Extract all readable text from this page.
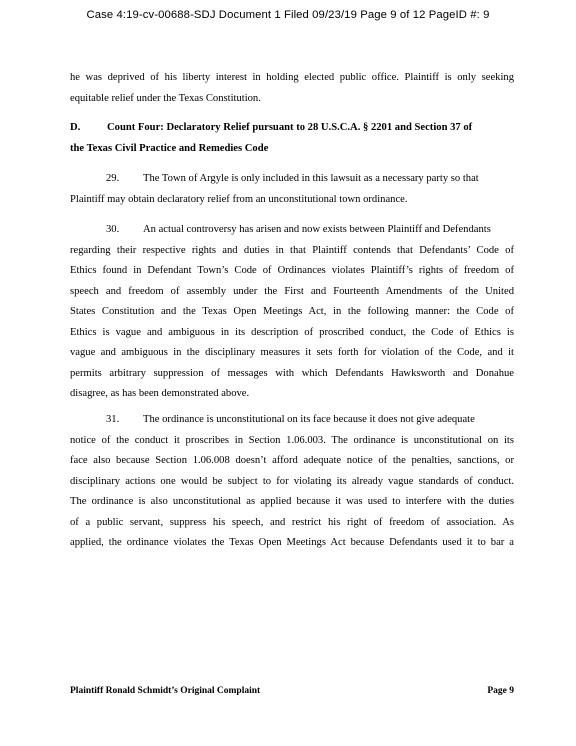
Case 4:19-cv-00688-SDJ Document 1 Filed 09/23/19 Page 9 of 12 PageID #: 9
he was deprived of his liberty interest in holding elected public office. Plaintiff is only seeking
equitable relief under the Texas Constitution.
D.	Count Four: Declaratory Relief pursuant to 28 U.S.C.A. § 2201 and Section 37 of
the Texas Civil Practice and Remedies Code
29. The Town of Argyle is only included in this lawsuit as a necessary party so that
Plaintiff may obtain declaratory relief from an unconstitutional town ordinance.
30. An actual controversy has arisen and now exists between Plaintiff and Defendants
regarding their respective rights and duties in that Plaintiff contends that Defendants’ Code of
Ethics found in Defendant Town’s Code of Ordinances violates Plaintiff’s rights of freedom of
speech and freedom of assembly under the First and Fourteenth Amendments of the United
States Constitution and the Texas Open Meetings Act, in the following manner: the Code of
Ethics is vague and ambiguous in its description of proscribed conduct, the Code of Ethics is
vague and ambiguous in the disciplinary measures it sets forth for violation of the Code, and it
permits arbitrary suppression of messages with which Defendants Hawksworth and Donahue
disagree, as has been demonstrated above.
31. The ordinance is unconstitutional on its face because it does not give adequate
notice of the conduct it proscribes in Section 1.06.003. The ordinance is unconstitutional on its
face also because Section 1.06.008 doesn’t afford adequate notice of the penalties, sanctions, or
disciplinary actions one would be subject to for violating its already vague standards of conduct.
The ordinance is also unconstitutional as applied because it was used to interfere with the duties
of a public servant, suppress his speech, and restrict his right of freedom of association. As
applied, the ordinance violates the Texas Open Meetings Act because Defendants used it to bar a
Plaintiff Ronald Schmidt’s Original Complaint	Page 9
